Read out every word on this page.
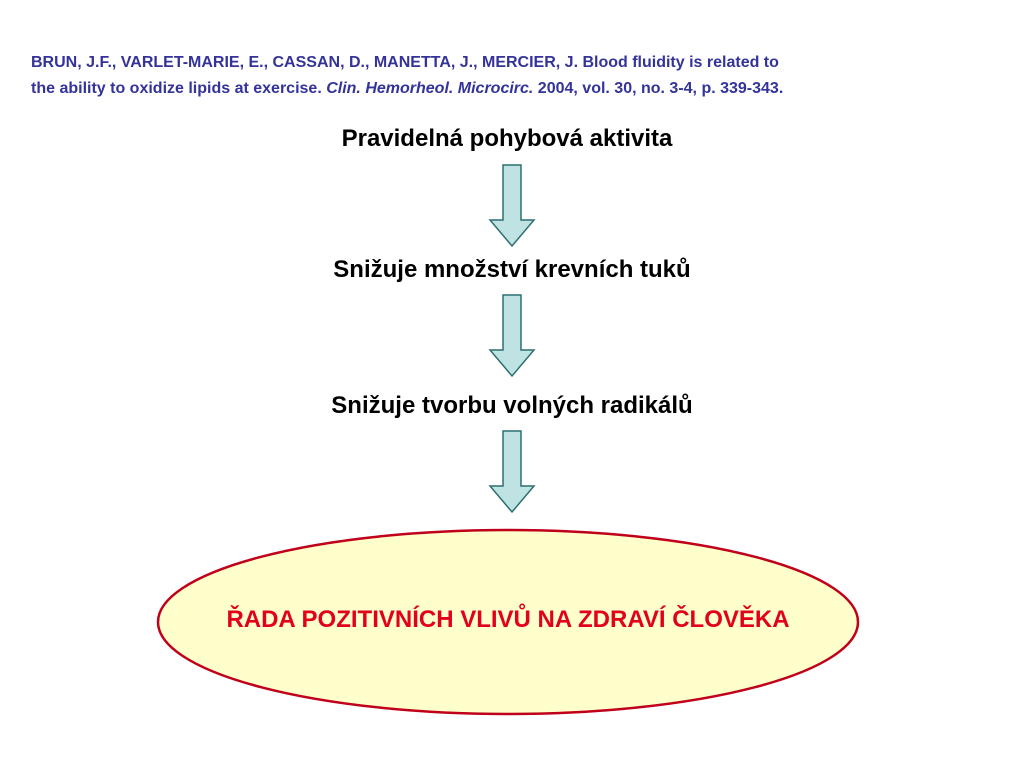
BRUN, J.F., VARLET-MARIE, E., CASSAN, D., MANETTA, J., MERCIER, J. Blood fluidity is related to
the ability to oxidize lipids at exercise. Clin. Hemorheol. Microcirc. 2004, vol. 30, no. 3-4, p. 339-343.

Pravidelná pohybová aktivita

Snižuje množství krevních tuků

Snižuje tvorbu volných radikálů

ŘADA POZITIVNÍCH VLIVŮ NA ZDRAVÍ ČLOVĚKA
